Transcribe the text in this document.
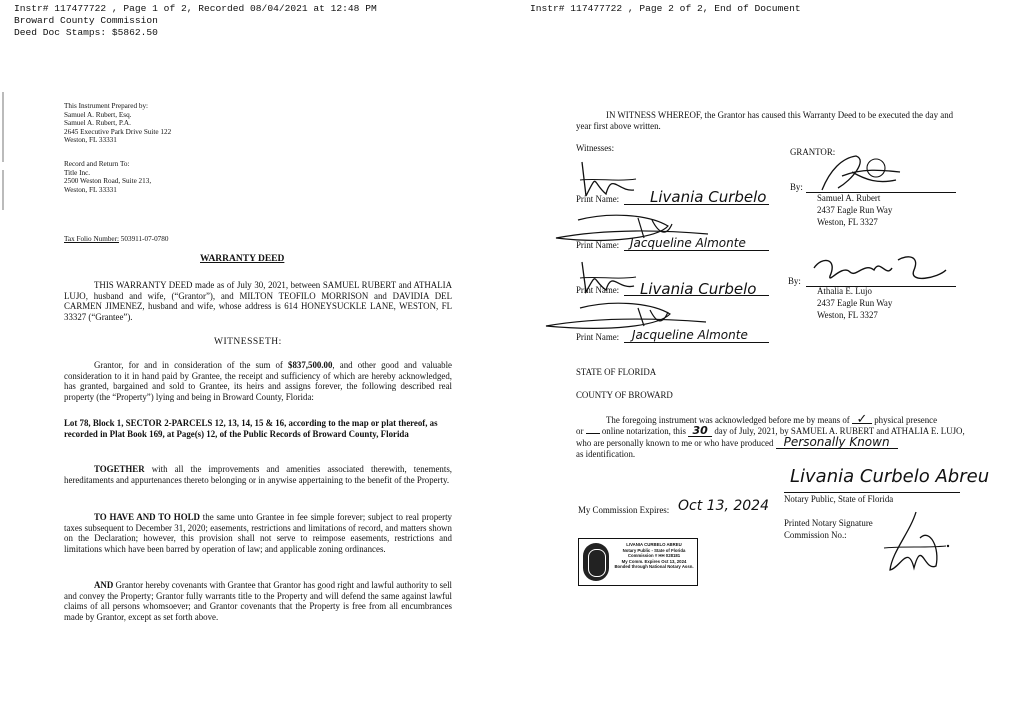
Instr# 117477722 , Page 1 of 2, Recorded 08/04/2021 at 12:48 PM
Broward County Commission
Deed Doc Stamps: $5862.50
This Instrument Prepared by:
Samuel A. Rubert, Esq.
Samuel A. Rubert, P.A.
2645 Executive Park Drive Suite 122
Weston, FL 33331
Record and Return To:
Title Inc.
2500 Weston Road, Suite 213,
Weston, FL 33331
Tax Folio Number: 503911-07-0780
WARRANTY DEED
THIS WARRANTY DEED made as of July 30, 2021, between SAMUEL RUBERT and ATHALIA LUJO, husband and wife, (“Grantor”), and MILTON TEOFILO MORRISON and DAVIDIA DEL CARMEN JIMENEZ, husband and wife, whose address is 614 HONEYSUCKLE LANE, WESTON, FL 33327 (“Grantee”).
WITNESSETH:
Grantor, for and in consideration of the sum of $837,500.00, and other good and valuable consideration to it in hand paid by Grantee, the receipt and sufficiency of which are hereby acknowledged, has granted, bargained and sold to Grantee, its heirs and assigns forever, the following described real property (the “Property”) lying and being in Broward County, Florida:
Lot 78, Block 1, SECTOR 2-PARCELS 12, 13, 14, 15 & 16, according to the map or plat thereof, as recorded in Plat Book 169, at Page(s) 12, of the Public Records of Broward County, Florida
TOGETHER with all the improvements and amenities associated therewith, tenements, hereditaments and appurtenances thereto belonging or in anywise appertaining to the benefit of the Property.
TO HAVE AND TO HOLD the same unto Grantee in fee simple forever; subject to real property taxes subsequent to December 31, 2020; easements, restrictions and limitations of record, and matters shown on the Declaration; however, this provision shall not serve to reimpose easements, restrictions and limitations which have been barred by operation of law; and applicable zoning ordinances.
AND Grantor hereby covenants with Grantee that Grantor has good right and lawful authority to sell and convey the Property; Grantor fully warrants title to the Property and will defend the same against lawful claims of all persons whomsoever; and Grantor covenants that the Property is free from all encumbrances made by Grantor, except as set forth above.
Instr# 117477722 , Page 2 of 2, End of Document
IN WITNESS WHEREOF, the Grantor has caused this Warranty Deed to be executed the day and year first above written.
Witnesses:	GRANTOR:
Print Name: Livania Curbelo
Print Name: Jacqueline Almonte
Print Name: Livania Curbelo
Print Name: Jacqueline Almonte
By:
Samuel A. Rubert
2437 Eagle Run Way
Weston, FL 3327
By:
Athalia E. Lujo
2437 Eagle Run Way
Weston, FL 3327
STATE OF FLORIDA
COUNTY OF BROWARD
The foregoing instrument was acknowledged before me by means of ✓ physical presence
or online notarization, this 30 day of July, 2021, by SAMUEL A. RUBERT and ATHALIA E. LUJO, who are personally known to me or who have produced Personally Known
as identification.
Livania Curbelo Abreu
Notary Public, State of Florida
Printed Notary Signature
Commission No.:
My Commission Expires: Oct 13, 2024
LIVANIA CURBELO ABREU
Notary Public - State of Florida
Commission # HH 028181
My Comm. Expires Oct 13, 2024
Bonded through National Notary Assn.
